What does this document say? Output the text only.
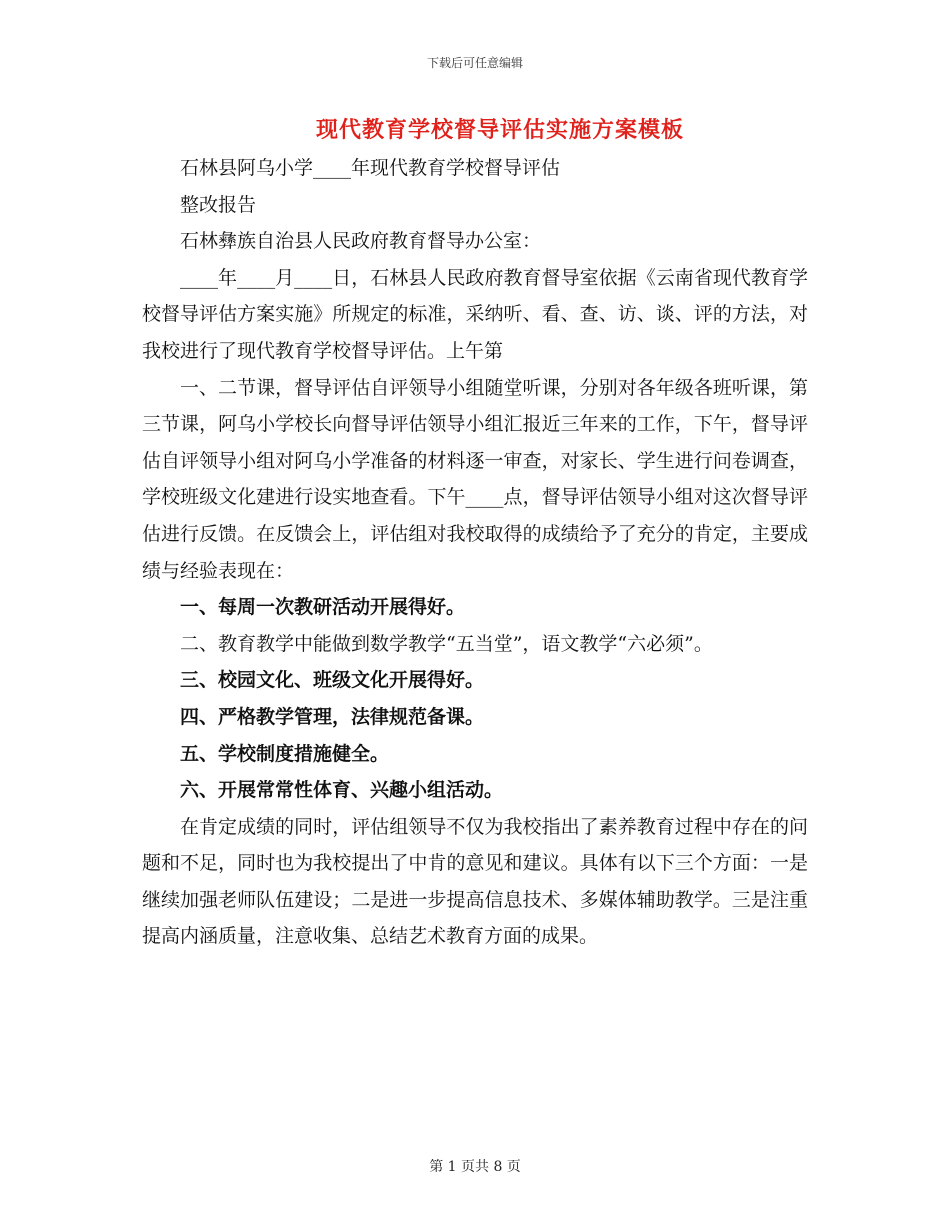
下载后可任意编辑
现代教育学校督导评估实施方案模板

石林县阿乌小学____年现代教育学校督导评估

整改报告

石林彝族自治县人民政府教育督导办公室：

____年____月____日，石林县人民政府教育督导室依据《云南省现代教育学校督导评估方案实施》所规定的标准，采纳听、看、查、访、谈、评的方法，对我校进行了现代教育学校督导评估。上午第

一、二节课，督导评估自评领导小组随堂听课，分别对各年级各班听课，第三节课，阿乌小学校长向督导评估领导小组汇报近三年来的工作，下午，督导评估自评领导小组对阿乌小学准备的材料逐一审查，对家长、学生进行问卷调查，学校班级文化建进行设实地查看。下午____点，督导评估领导小组对这次督导评估进行反馈。在反馈会上，评估组对我校取得的成绩给予了充分的肯定，主要成绩与经验表现在：

一、每周一次教研活动开展得好。

二、教育教学中能做到数学教学“五当堂”，语文教学“六必须”。

三、校园文化、班级文化开展得好。

四、严格教学管理，法律规范备课。

五、学校制度措施健全。

六、开展常常性体育、兴趣小组活动。

在肯定成绩的同时，评估组领导不仅为我校指出了素养教育过程中存在的问题和不足，同时也为我校提出了中肯的意见和建议。具体有以下三个方面：一是继续加强老师队伍建设；二是进一步提高信息技术、多媒体辅助教学。三是注重提高内涵质量，注意收集、总结艺术教育方面的成果。

第 1 页共 8 页
